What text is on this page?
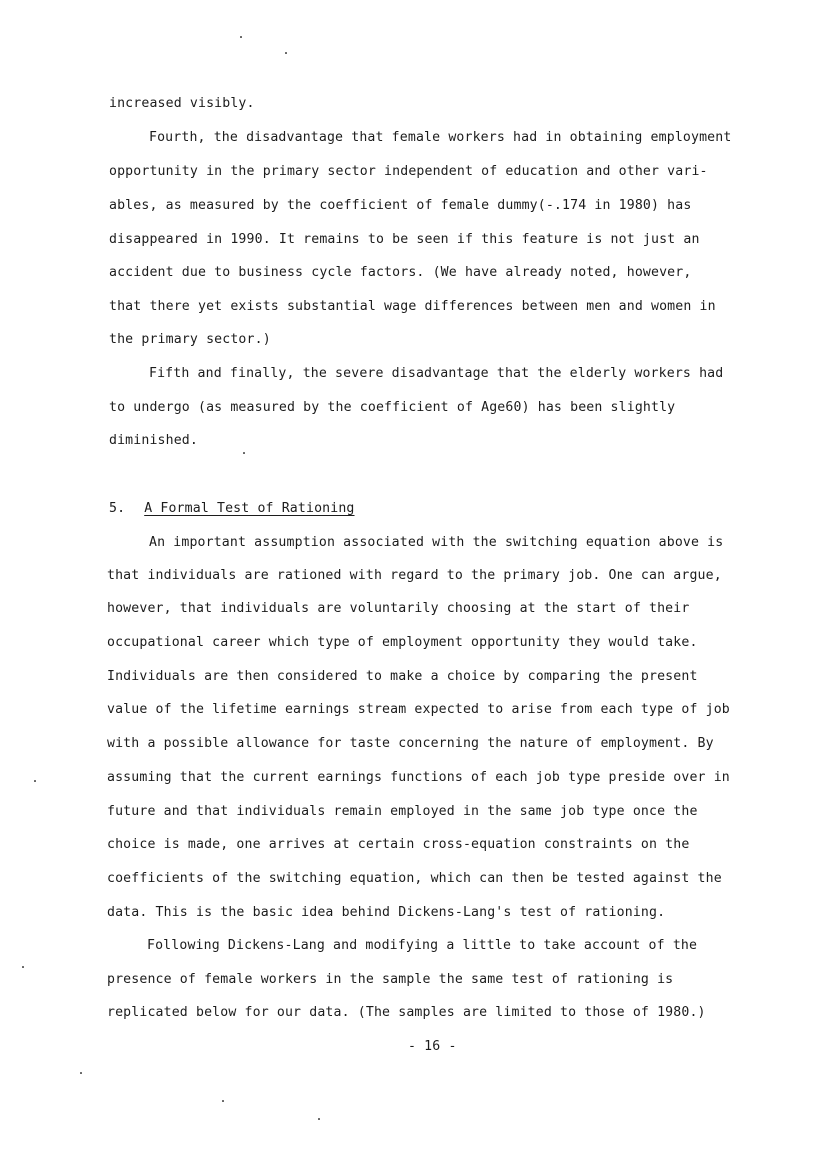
increased visibly.
Fourth, the disadvantage that female workers had in obtaining employment
opportunity in the primary sector independent of education and other vari-
ables, as measured by the coefficient of female dummy(-.174 in 1980) has
disappeared in 1990. It remains to be seen if this feature is not just an
accident due to business cycle factors. (We have already noted, however,
that there yet exists substantial wage differences between men and women in
the primary sector.)
Fifth and finally, the severe disadvantage that the elderly workers had
to undergo (as measured by the coefficient of Age60) has been slightly
diminished.
5. A Formal Test of Rationing
An important assumption associated with the switching equation above is
that individuals are rationed with regard to the primary job. One can argue,
however, that individuals are voluntarily choosing at the start of their
occupational career which type of employment opportunity they would take.
Individuals are then considered to make a choice by comparing the present
value of the lifetime earnings stream expected to arise from each type of job
with a possible allowance for taste concerning the nature of employment. By
assuming that the current earnings functions of each job type preside over in
future and that individuals remain employed in the same job type once the
choice is made, one arrives at certain cross-equation constraints on the
coefficients of the switching equation, which can then be tested against the
data. This is the basic idea behind Dickens-Lang's test of rationing.
Following Dickens-Lang and modifying a little to take account of the
presence of female workers in the sample the same test of rationing is
replicated below for our data. (The samples are limited to those of 1980.)
- 16 -
